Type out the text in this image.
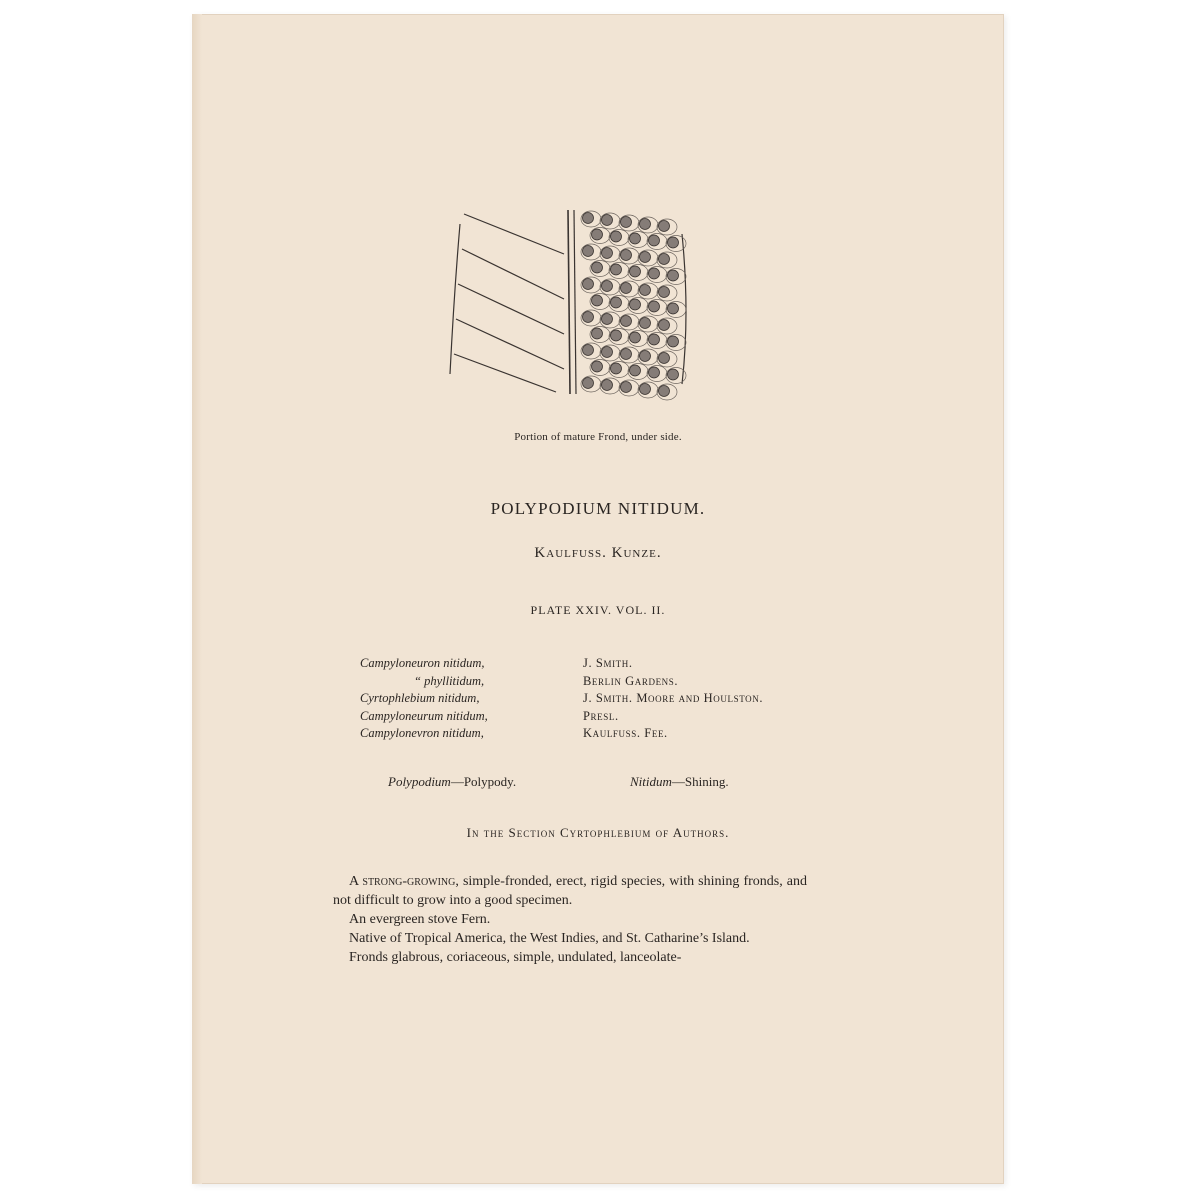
Portion of mature Frond, under side.
POLYPODIUM NITIDUM.
Kaulfuss. Kunze.
PLATE XXIV. VOL. II.
Campyloneuron nitidum,
“ phyllitidum,
Cyrtophlebium nitidum,
Campyloneurum nitidum,
Campylonevron nitidum,
J. Smith.
Berlin Gardens.
J. Smith. Moore and Houlston.
Presl.
Kaulfuss. Fee.
Polypodium—Polypody.	Nitidum—Shining.
In the Section Cyrtophlebium of Authors.

A strong-growing, simple-fronded, erect, rigid species, with shining fronds, and not difficult to grow into a good specimen.

An evergreen stove Fern.

Native of Tropical America, the West Indies, and St. Catharine’s Island.

Fronds glabrous, coriaceous, simple, undulated, lanceolate-
